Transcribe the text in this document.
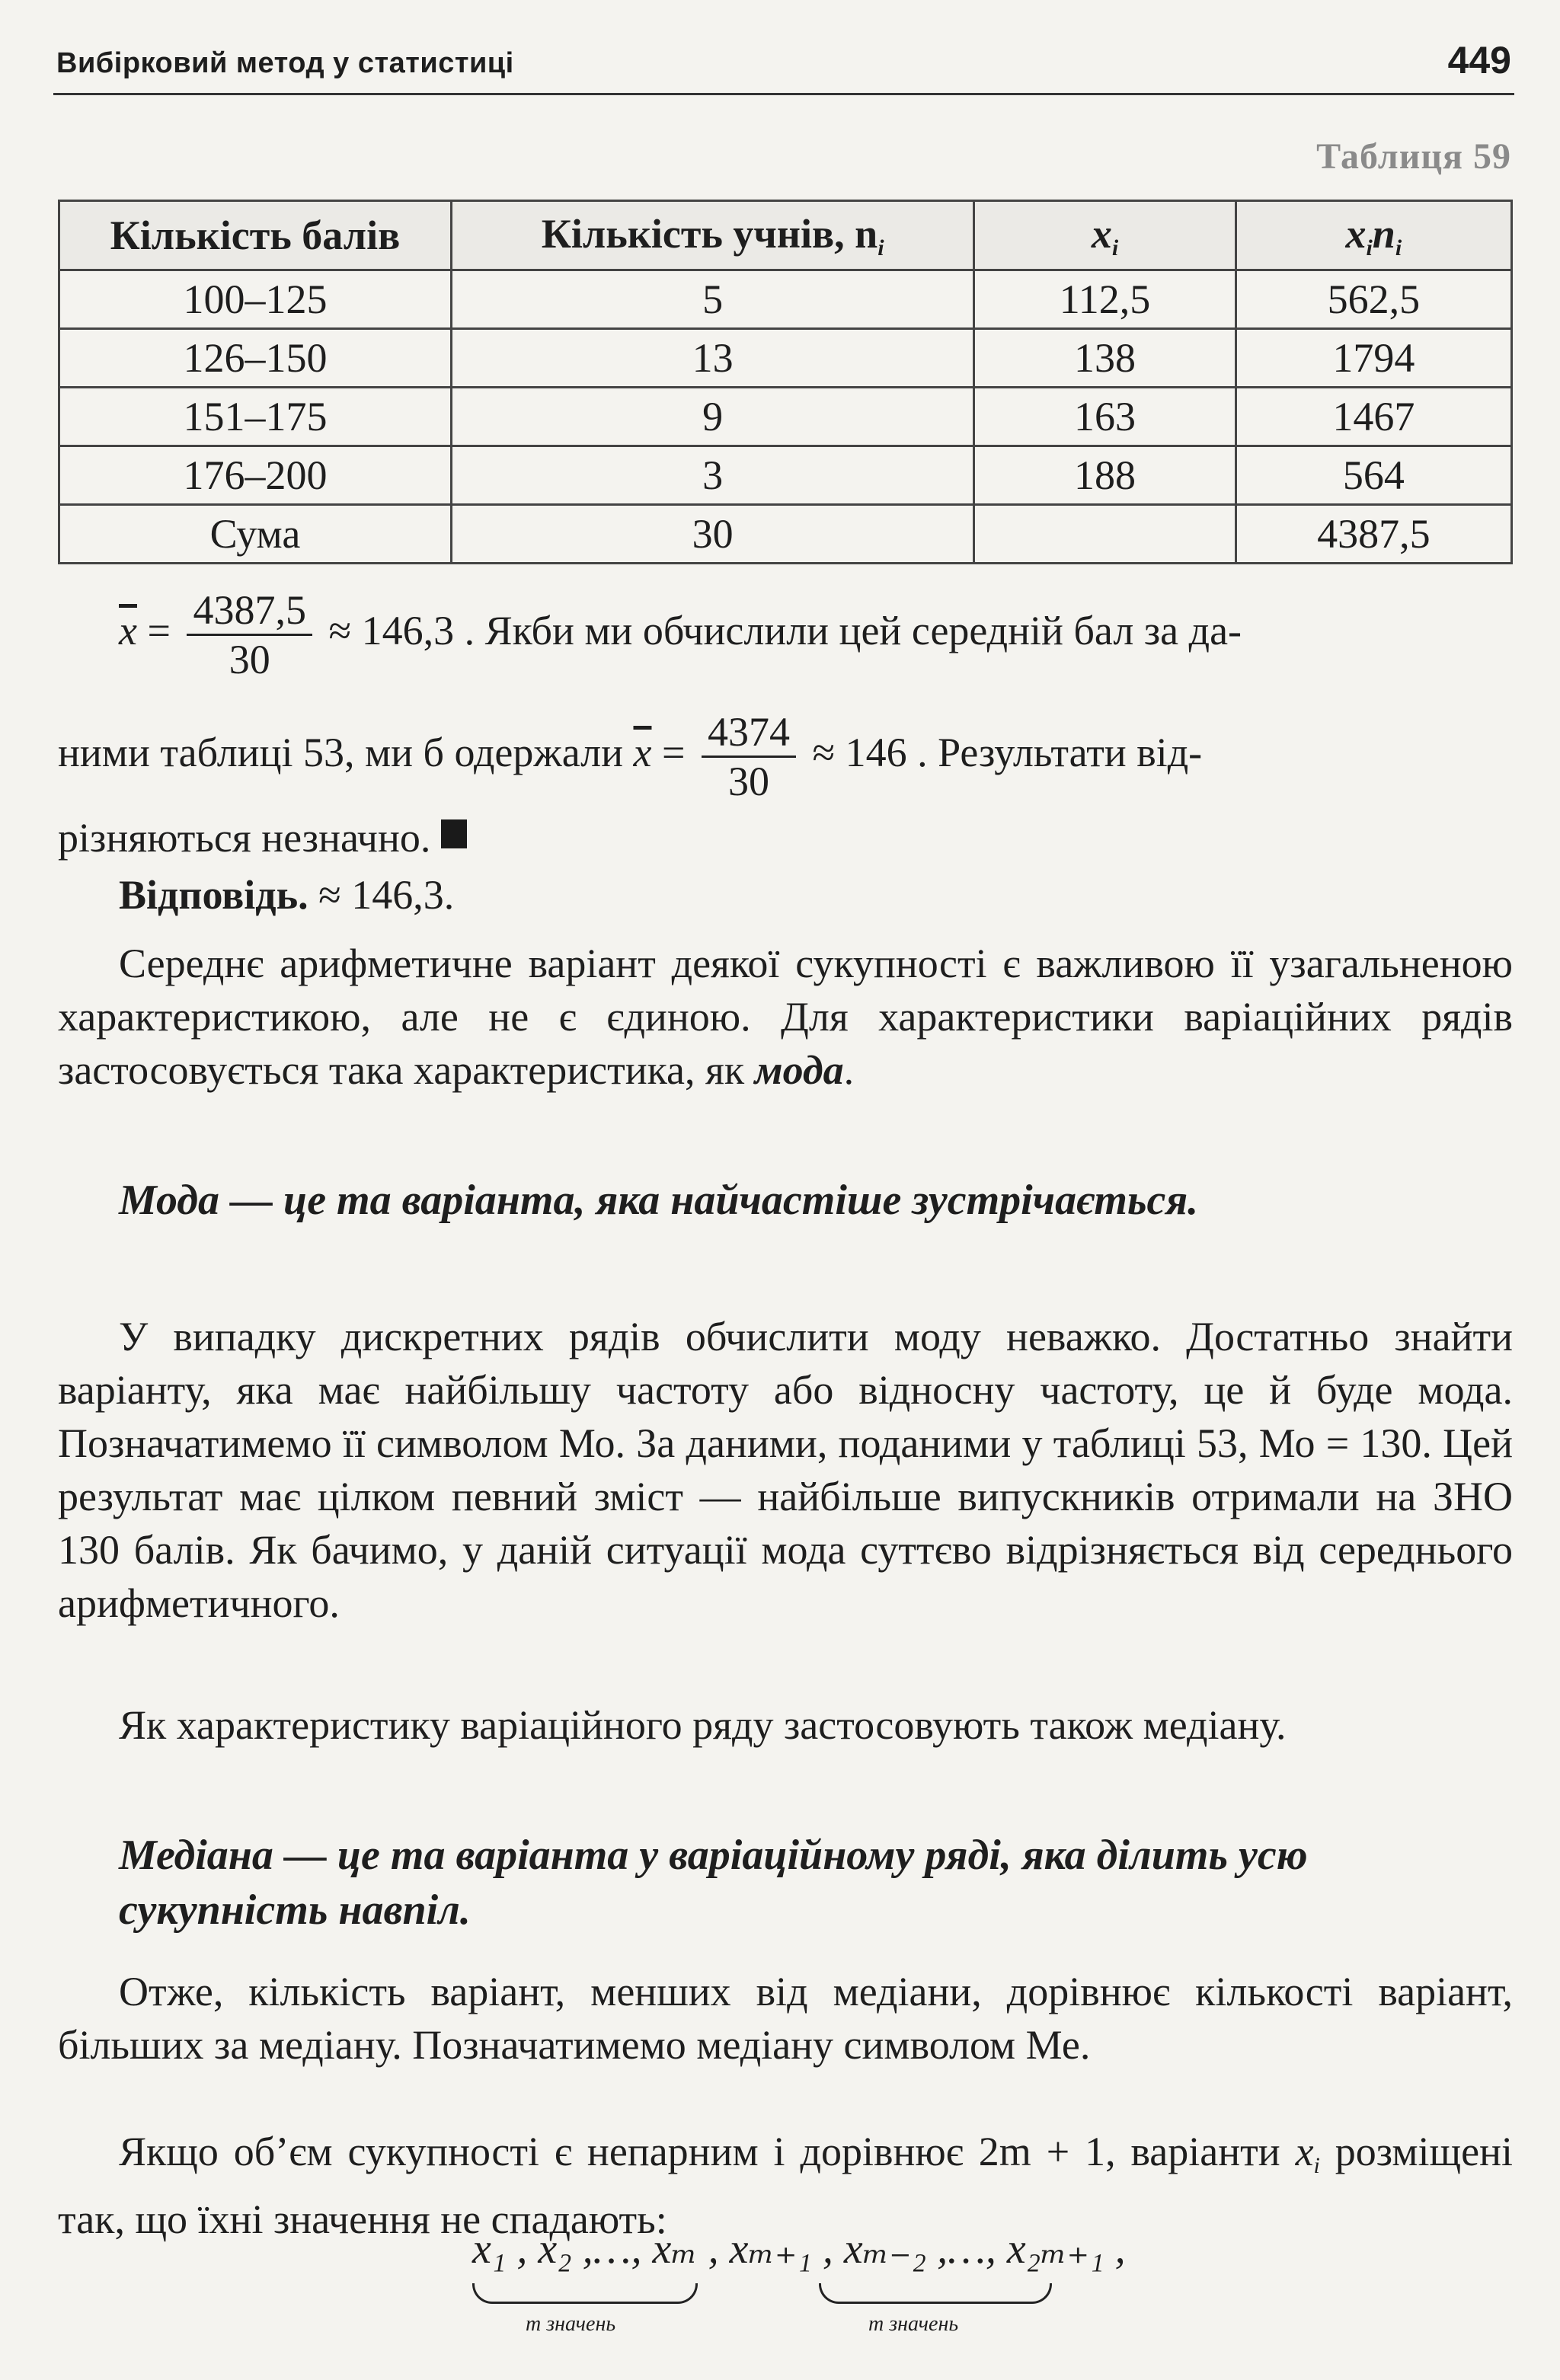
Вибірковий метод у статистиці	449
Таблиця 59
Кількість балів	Кількість учнів, $n_i$	$x_i$	$x_in_i$
100–125	5	112,5	562,5
126–150	13	138	1794
151–175	9	163	1467
176–200	3	188	564
Сума	30		4387,5
$\overline{x} = \frac{4387,5}{30} \approx 146,3$ . Якби ми обчислили цей середній бал за да-
ними таблиці 53, ми б одержали $\overline{x} = \frac{4374}{30} \approx 146$ . Результати від-
різняються незначно.
Відповідь. ≈ 146,3.
Середнє арифметичне варіант деякої сукупності є важливою її узагальненою характеристикою, але не є єдиною. Для характеристики варіаційних рядів застосовується така характеристика, як мода.
Мода — це та варіанта, яка найчастіше зустрічається.
У випадку дискретних рядів обчислити моду неважко. Достатньо знайти варіанту, яка має найбільшу частоту або відносну частоту, це й буде мода. Позначатимемо її символом Мо. За даними, поданими у таблиці 53, Мо = 130. Цей результат має цілком певний зміст — найбільше випускників отримали на ЗНО 130 балів. Як бачимо, у даній ситуації мода суттєво відрізняється від середнього арифметичного.
Як характеристику варіаційного ряду застосовують також медіану.
Медіана — це та варіанта у варіаційному ряді, яка ділить усю сукупність навпіл.
Отже, кількість варіант, менших від медіани, дорівнює кількості варіант, більших за медіану. Позначатимемо медіану символом Ме.
Якщо об’єм сукупності є непарним і дорівнює 2m + 1, варіанти $x_i$ розміщені так, що їхні значення не спадають:
x₁ , x₂ ,…, xₘ , xₘ₊₁ , xₘ₋₂ ,…, x₂ₘ₊₁ ,
m значень	m значень
